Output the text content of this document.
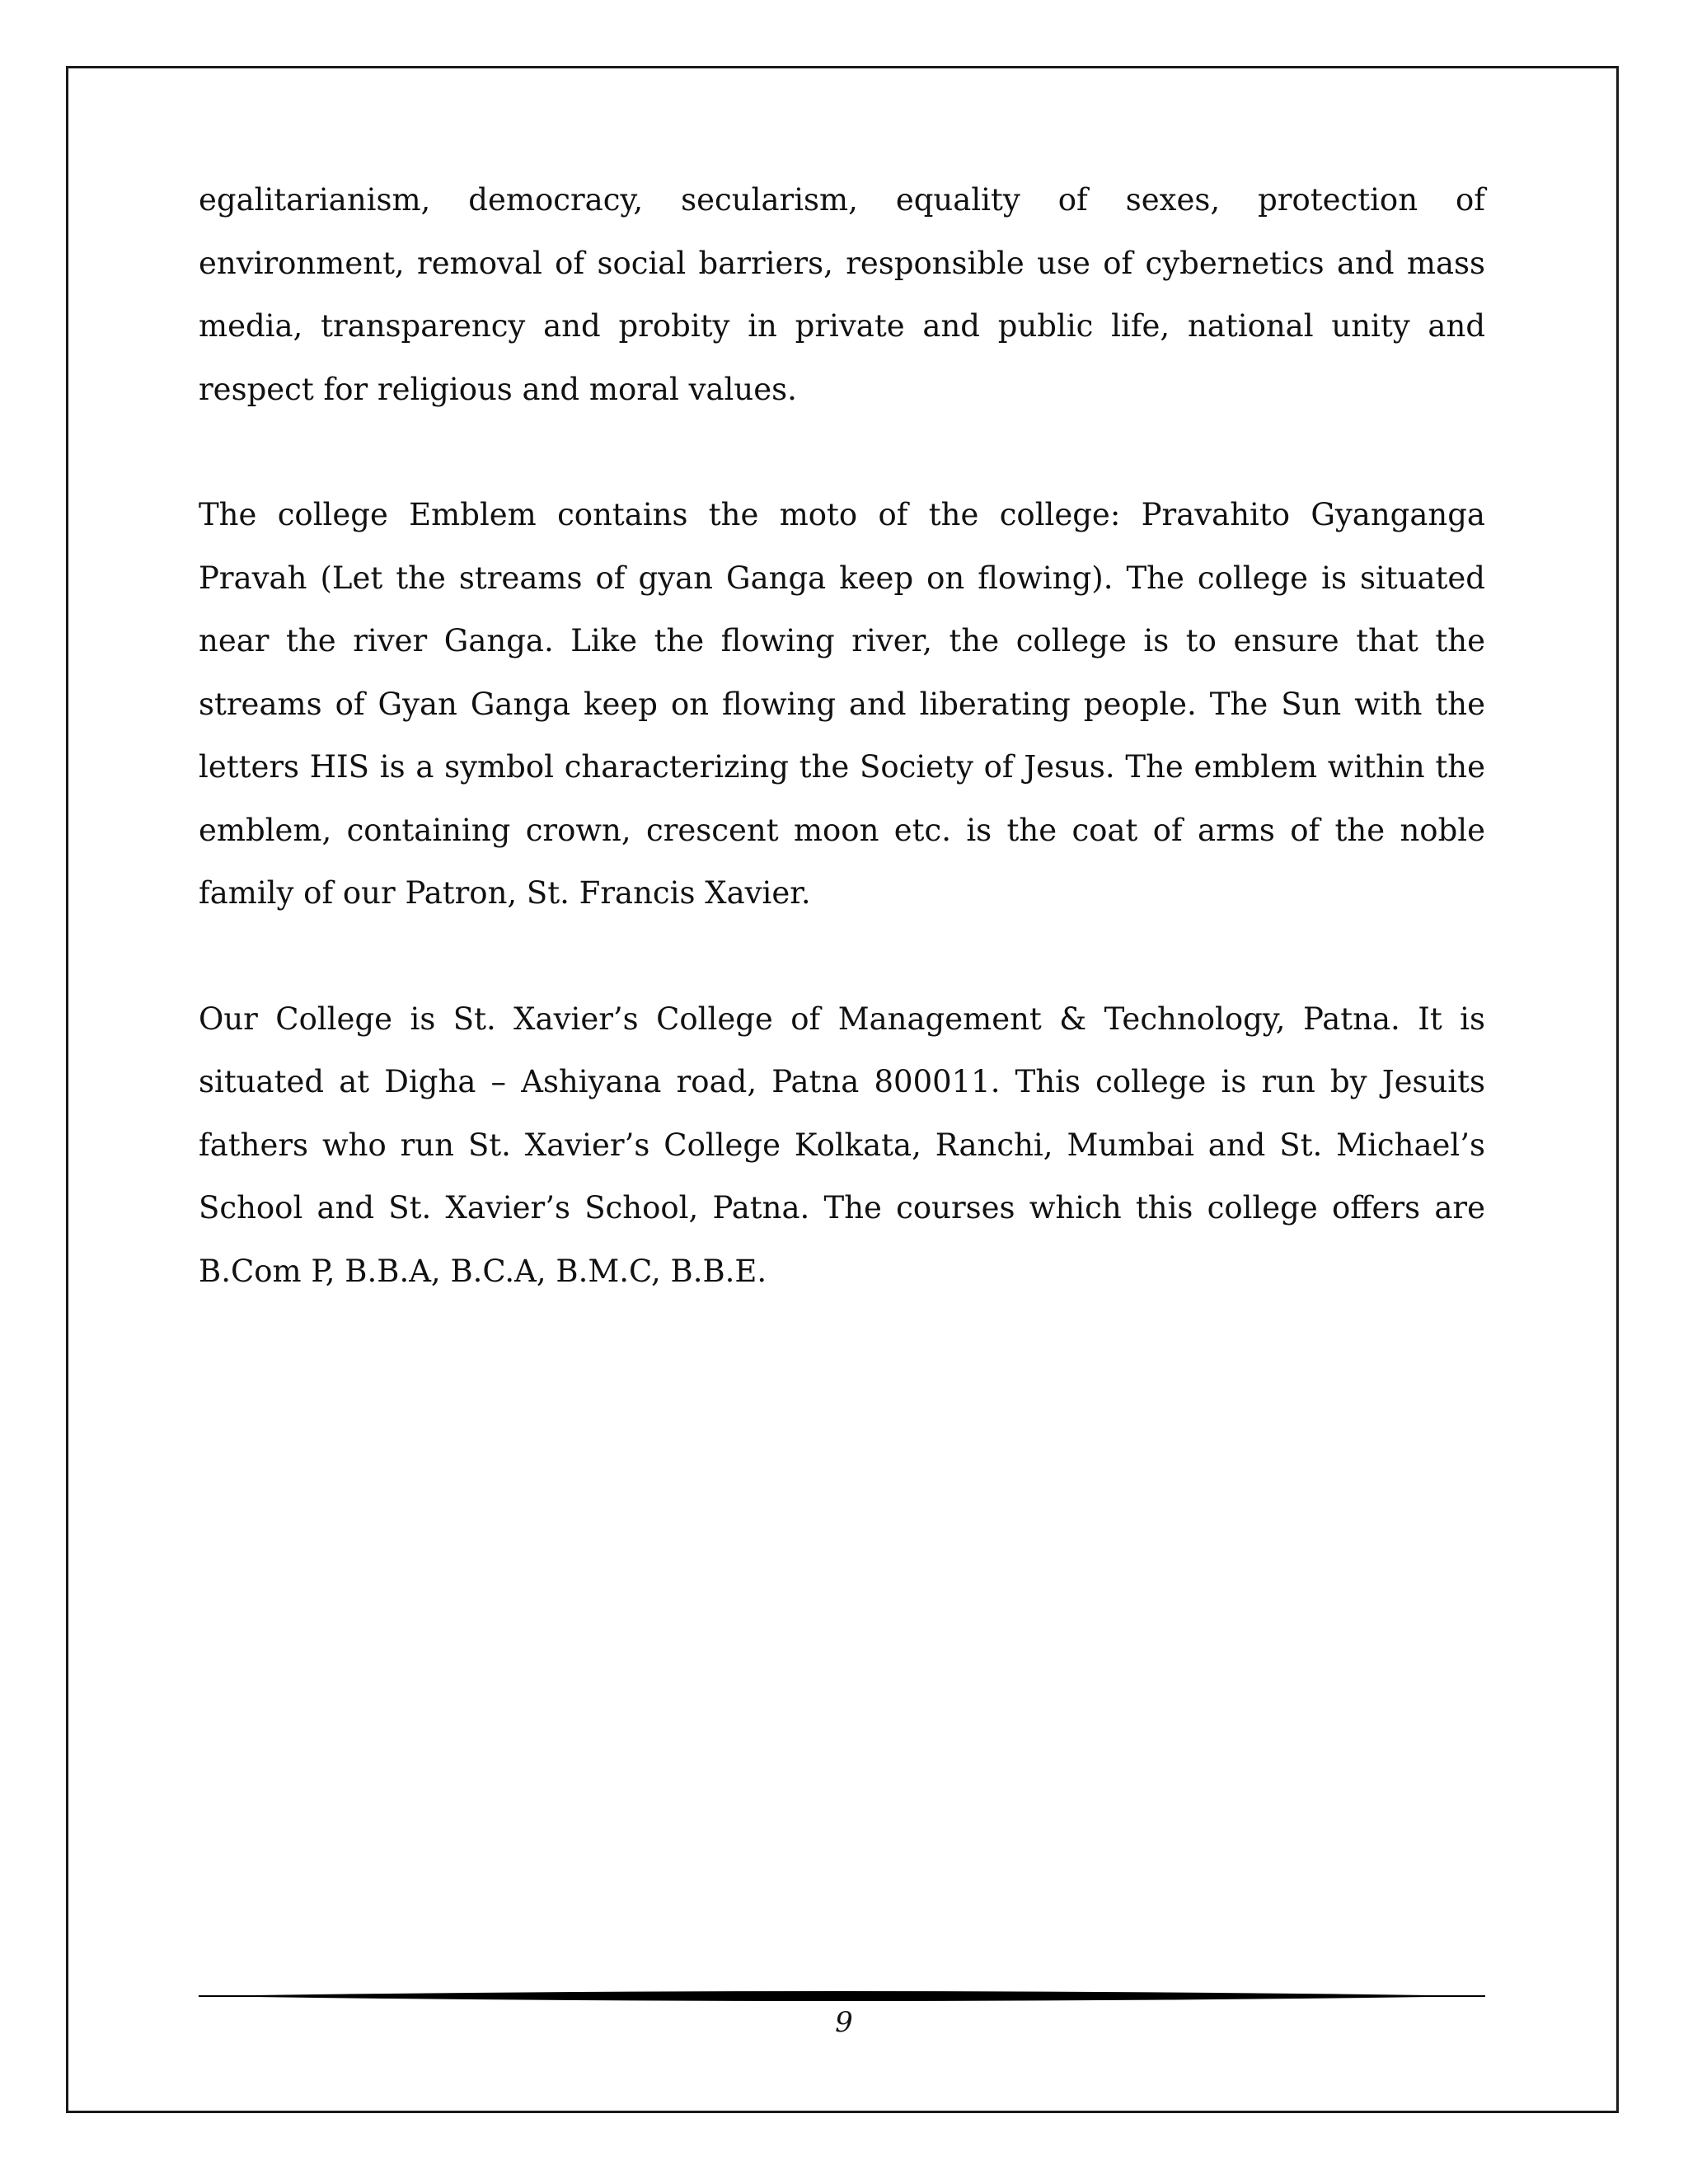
egalitarianism, democracy, secularism, equality of sexes, protection of environment, removal of social barriers, responsible use of cybernetics and mass media, transparency and probity in private and public life, national unity and respect for religious and moral values.

The college Emblem contains the moto of the college: Pravahito Gyanganga Pravah (Let the streams of gyan Ganga keep on flowing). The college is situated near the river Ganga. Like the flowing river, the college is to ensure that the streams of Gyan Ganga keep on flowing and liberating people. The Sun with the letters HIS is a symbol characterizing the Society of Jesus. The emblem within the emblem, containing crown, crescent moon etc. is the coat of arms of the noble family of our Patron, St. Francis Xavier.

Our College is St. Xavier’s College of Management & Technology, Patna. It is situated at Digha – Ashiyana road, Patna 800011. This college is run by Jesuits fathers who run St. Xavier’s College Kolkata, Ranchi, Mumbai and St. Michael’s School and St. Xavier’s School, Patna. The courses which this college offers are B.Com P, B.B.A, B.C.A, B.M.C, B.B.E.

9
